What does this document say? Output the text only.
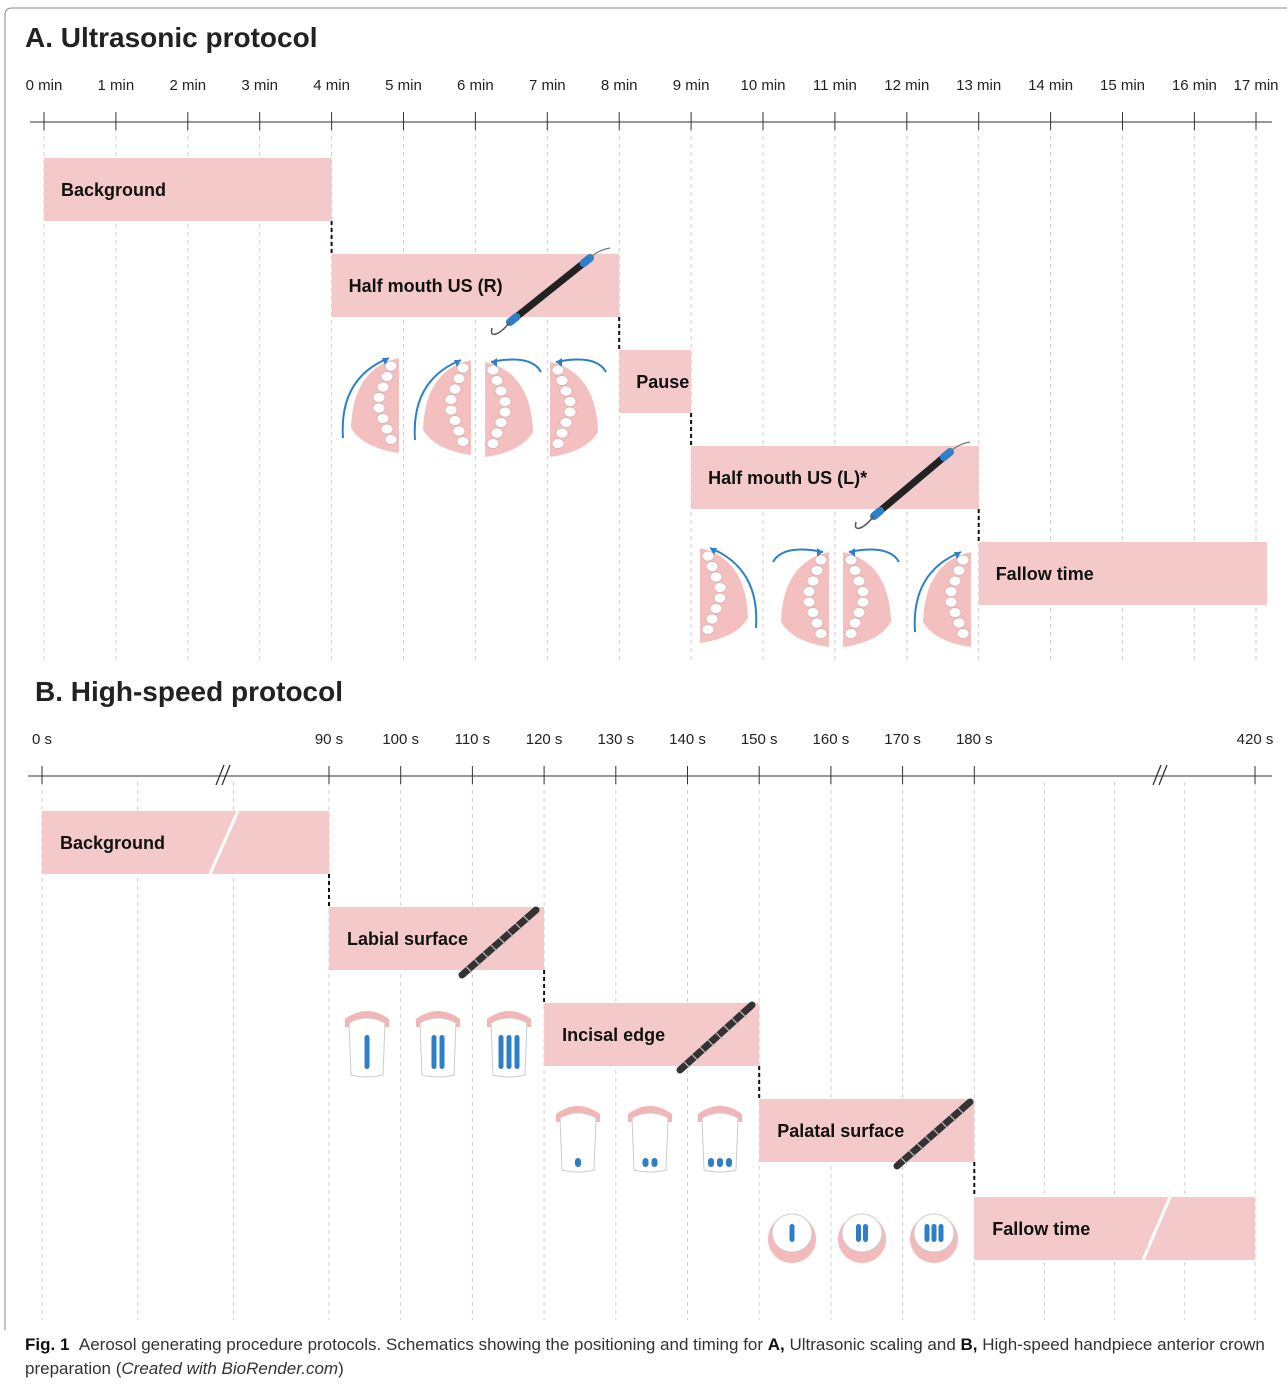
A. Ultrasonic protocol
B. High-speed protocol
0 min 1 min 2 min 3 min 4 min 5 min 6 min 7 min 8 min 9 min 10 min 11 min 12 min 13 min 14 min 15 min 16 min 17 min
0 s	90 s	100 s 110 s 120 s 130 s 140 s 150 s 160 s 170 s 180 s	420 s
Background
Half mouth US (R)
Pause
Half mouth US (L)*
Fallow time
Background
Labial surface
Incisal edge
Palatal surface
Fallow time
Fig. 1 Aerosol generating procedure protocols. Schematics showing the positioning and timing for A, Ultrasonic scaling and B, High-speed handpiece anterior crown preparation (Created with BioRender.com)
